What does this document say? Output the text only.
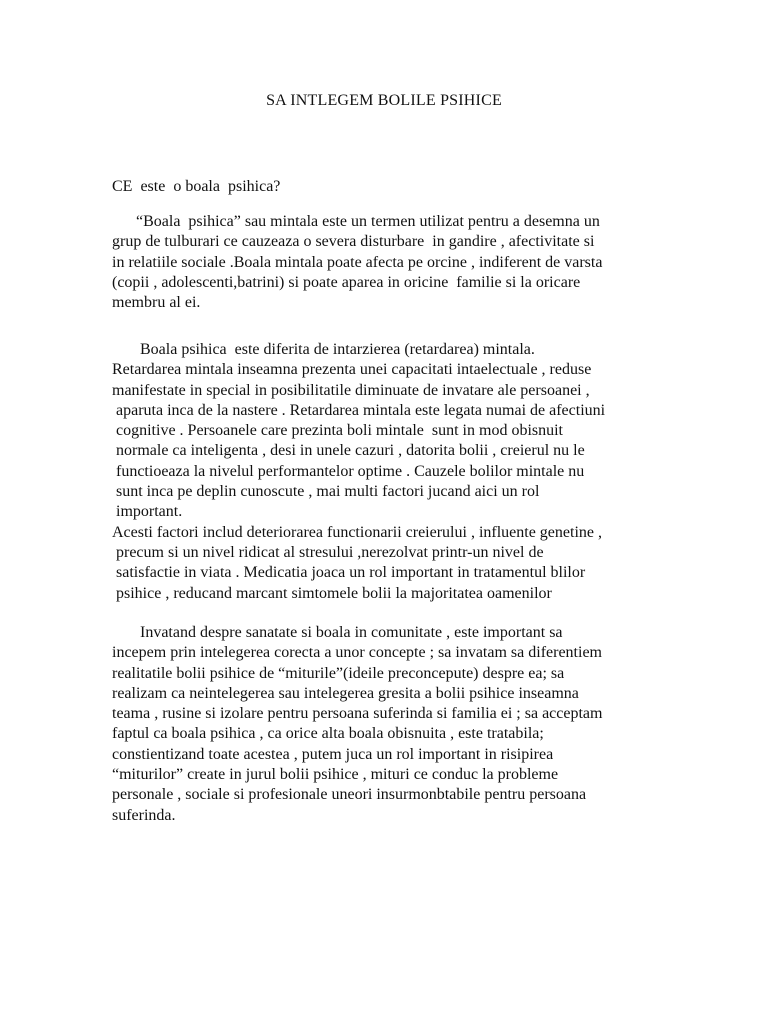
SA INTLEGEM BOLILE PSIHICE

CE  este  o boala  psihica?

“Boala  psihica” sau mintala este un termen utilizat pentru a desemna un
grup de tulburari ce cauzeaza o severa disturbare  in gandire , afectivitate si
in relatiile sociale .Boala mintala poate afecta pe orcine , indiferent de varsta
(copii , adolescenti,batrini) si poate aparea in oricine  familie si la oricare
membru al ei.
Boala psihica  este diferita de intarzierea (retardarea) mintala.
Retardarea mintala inseamna prezenta unei capacitati intaelectuale , reduse
manifestate in special in posibilitatile diminuate de invatare ale persoanei ,
aparuta inca de la nastere . Retardarea mintala este legata numai de afectiuni
cognitive . Persoanele care prezinta boli mintale  sunt in mod obisnuit
normale ca inteligenta , desi in unele cazuri , datorita bolii , creierul nu le
functioeaza la nivelul performantelor optime . Cauzele bolilor mintale nu
sunt inca pe deplin cunoscute , mai multi factori jucand aici un rol
important.
Acesti factori includ deteriorarea functionarii creierului , influente genetine ,
precum si un nivel ridicat al stresului ,nerezolvat printr-un nivel de
satisfactie in viata . Medicatia joaca un rol important in tratamentul blilor
psihice , reducand marcant simtomele bolii la majoritatea oamenilor
Invatand despre sanatate si boala in comunitate , este important sa
incepem prin intelegerea corecta a unor concepte ; sa invatam sa diferentiem
realitatile bolii psihice de “miturile”(ideile preconcepute) despre ea; sa
realizam ca neintelegerea sau intelegerea gresita a bolii psihice inseamna
teama , rusine si izolare pentru persoana suferinda si familia ei ; sa acceptam
faptul ca boala psihica , ca orice alta boala obisnuita , este tratabila;
constientizand toate acestea , putem juca un rol important in risipirea
“miturilor” create in jurul bolii psihice , mituri ce conduc la probleme
personale , sociale si profesionale uneori insurmonbtabile pentru persoana
suferinda.
